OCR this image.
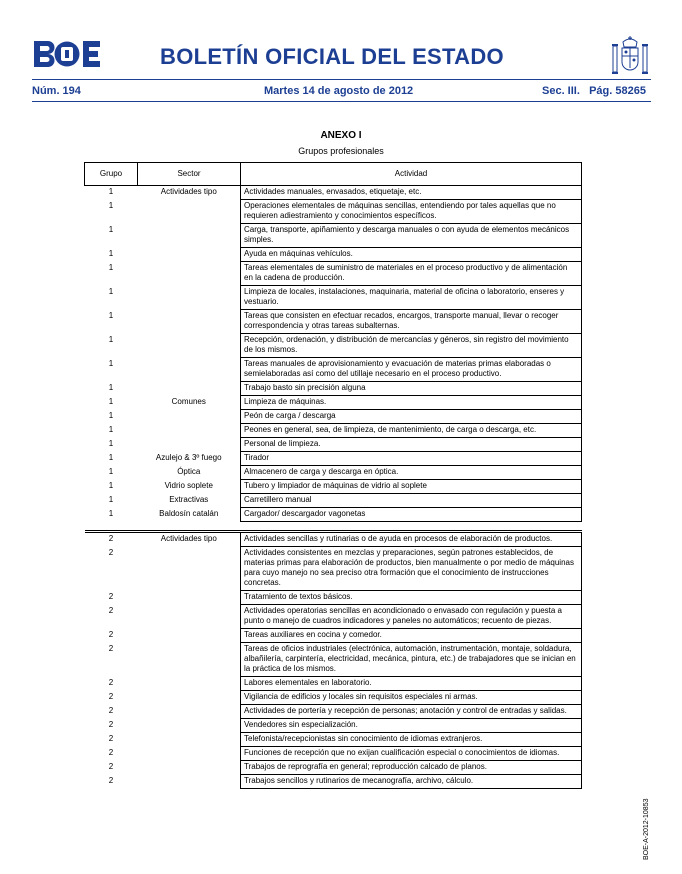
BOLETÍN OFICIAL DEL ESTADO
Núm. 194	Martes 14 de agosto de 2012	Sec. III.   Pág. 58265
ANEXO I
Grupos profesionales
Grupo	Sector	Actividad
1	Actividades tipo	Actividades manuales, envasados, etiquetaje, etc.
1		Operaciones elementales de máquinas sencillas, entendiendo por tales aquellas que no requieren adiestramiento y conocimientos específicos.
1		Carga, transporte, apiñamiento y descarga manuales o con ayuda de elementos mecánicos simples.
1		Ayuda en máquinas vehículos.
1		Tareas elementales de suministro de materiales en el proceso productivo y de alimentación en la cadena de producción.
1		Limpieza de locales, instalaciones, maquinaria, material de oficina o laboratorio, enseres y vestuario.
1		Tareas que consisten en efectuar recados, encargos, transporte manual, llevar o recoger correspondencia y otras tareas subalternas.
1		Recepción, ordenación, y distribución de mercancías y géneros, sin registro del movimiento de los mismos.
1		Tareas manuales de aprovisionamiento y evacuación de materias primas elaboradas o semielaboradas así como del utillaje necesario en el proceso productivo.
1		Trabajo basto sin precisión alguna
1	Comunes	Limpieza de máquinas.
1		Peón de carga / descarga
1		Peones en general, sea, de limpieza, de mantenimiento, de carga o descarga, etc.
1		Personal de limpieza.
1	Azulejo & 3º fuego	Tirador
1	Óptica	Almacenero de carga y descarga en óptica.
1	Vidrio soplete	Tubero y limpiador de máquinas de vidrio al soplete
1	Extractivas	Carretillero manual
1	Baldosín catalán	Cargador/ descargador vagonetas

2	Actividades tipo	Actividades sencillas y rutinarias o de ayuda en procesos de elaboración de productos.
2		Actividades consistentes en mezclas y preparaciones, según patrones establecidos, de materias primas para elaboración de productos, bien manualmente o por medio de máquinas para cuyo manejo no sea preciso otra formación que el conocimiento de instrucciones concretas.
2		Tratamiento de textos básicos.
2		Actividades operatorias sencillas en acondicionado o envasado con regulación y puesta a punto o manejo de cuadros indicadores y paneles no automáticos; recuento de piezas.
2		Tareas auxiliares en cocina y comedor.
2		Tareas de oficios industriales (electrónica, automación, instrumentación, montaje, soldadura, albañilería, carpintería, electricidad, mecánica, pintura, etc.) de trabajadores que se inician en la práctica de los mismos.
2		Labores elementales en laboratorio.
2		Vigilancia de edificios y locales sin requisitos especiales ni armas.
2		Actividades de portería y recepción de personas; anotación y control de entradas y salidas.
2		Vendedores sin especialización.
2		Telefonista/recepcionistas sin conocimiento de idiomas extranjeros.
2		Funciones de recepción que no exijan cualificación especial o conocimientos de idiomas.
2		Trabajos de reprografía en general; reproducción calcado de planos.
2		Trabajos sencillos y rutinarios de mecanografía, archivo, cálculo.
BOE-A-2012-10853
